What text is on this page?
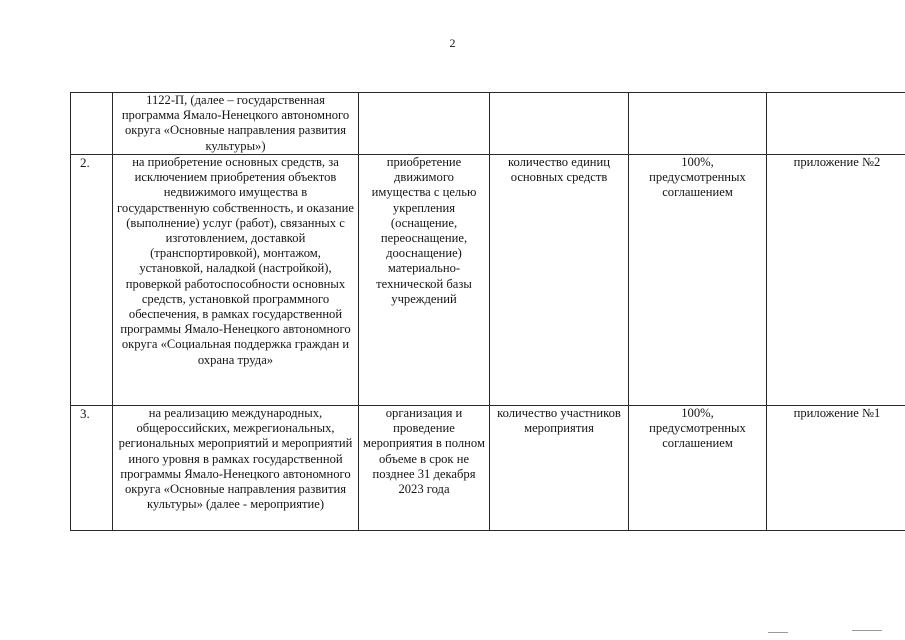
2
	1122-П, (далее – государственная программа Ямало-Ненецкого автономного округа «Основные направления развития культуры»)				
2.	на приобретение основных средств, за исключением приобретения объектов недвижимого имущества в государственную собственность, и оказание (выполнение) услуг (работ), связанных с изготовлением, доставкой (транспортировкой), монтажом, установкой, наладкой (настройкой), проверкой работоспособности основных средств, установкой программного обеспечения, в рамках государственной программы Ямало-Ненецкого автономного округа «Социальная поддержка граждан и охрана труда»	приобретение движимого имущества с целью укрепления (оснащение, переоснащение, дооснащение) материально-технической базы учреждений	количество единиц основных средств	100%, предусмотренных соглашением	приложение №2
3.	на реализацию международных, общероссийских, межрегиональных, региональных мероприятий и мероприятий иного уровня в рамках государственной программы Ямало-Ненецкого автономного округа «Основные направления развития культуры» (далее - мероприятие)	организация и проведение мероприятия в полном объеме в срок не позднее 31 декабря 2023 года	количество участников мероприятия	100%, предусмотренных соглашением	приложение №1
